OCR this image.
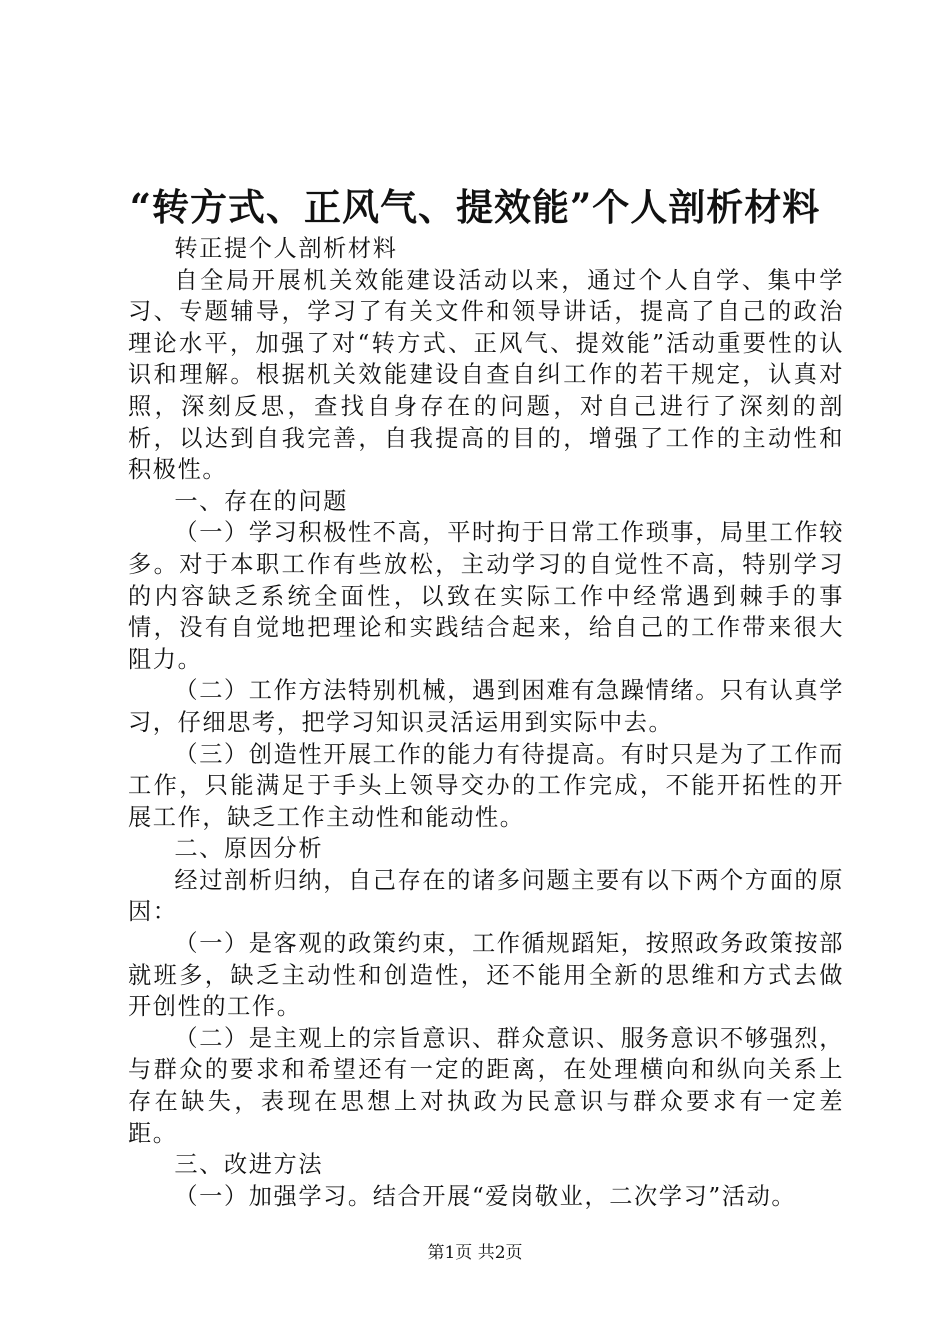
“转方式、正风气、提效能”个人剖析材料

转正提个人剖析材料

自全局开展机关效能建设活动以来，通过个人自学、集中学习、专题辅导，学习了有关文件和领导讲话，提高了自己的政治理论水平，加强了对“转方式、正风气、提效能”活动重要性的认识和理解。根据机关效能建设自查自纠工作的若干规定，认真对照，深刻反思，查找自身存在的问题，对自己进行了深刻的剖析，以达到自我完善，自我提高的目的，增强了工作的主动性和积极性。

一、存在的问题

（一）学习积极性不高，平时拘于日常工作琐事，局里工作较多。对于本职工作有些放松，主动学习的自觉性不高，特别学习的内容缺乏系统全面性，以致在实际工作中经常遇到棘手的事情，没有自觉地把理论和实践结合起来，给自己的工作带来很大阻力。

（二）工作方法特别机械，遇到困难有急躁情绪。只有认真学习，仔细思考，把学习知识灵活运用到实际中去。

（三）创造性开展工作的能力有待提高。有时只是为了工作而工作，只能满足于手头上领导交办的工作完成，不能开拓性的开展工作，缺乏工作主动性和能动性。

二、原因分析

经过剖析归纳，自己存在的诸多问题主要有以下两个方面的原因：

（一）是客观的政策约束，工作循规蹈矩，按照政务政策按部就班多，缺乏主动性和创造性，还不能用全新的思维和方式去做开创性的工作。

（二）是主观上的宗旨意识、群众意识、服务意识不够强烈，与群众的要求和希望还有一定的距离，在处理横向和纵向关系上存在缺失，表现在思想上对执政为民意识与群众要求有一定差距。

三、改进方法

（一）加强学习。结合开展“爱岗敬业，二次学习”活动。

第1页 共2页
